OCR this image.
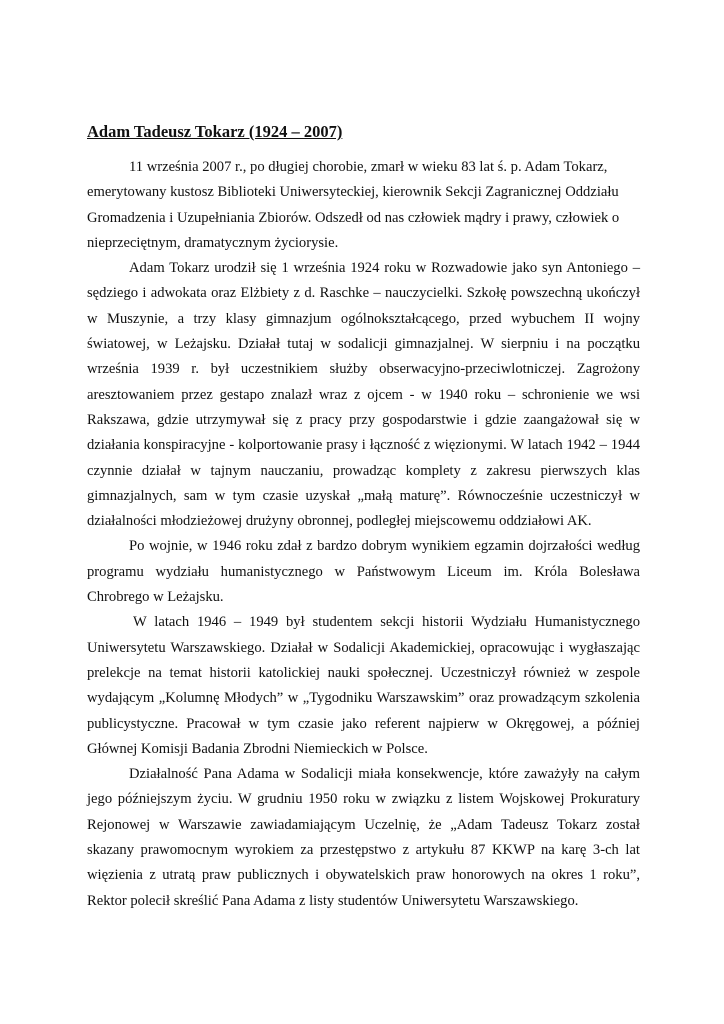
Adam Tadeusz Tokarz (1924 – 2007)

11 września 2007 r., po długiej chorobie, zmarł w wieku 83 lat ś. p. Adam Tokarz, emerytowany kustosz Biblioteki Uniwersyteckiej, kierownik Sekcji Zagranicznej Oddziału Gromadzenia i Uzupełniania Zbiorów. Odszedł od nas człowiek mądry i prawy, człowiek o nieprzeciętnym, dramatycznym życiorysie.

Adam Tokarz urodził się 1 września 1924 roku w Rozwadowie jako syn Antoniego – sędziego i adwokata oraz Elżbiety z d. Raschke – nauczycielki. Szkołę powszechną ukończył w Muszynie, a trzy klasy gimnazjum ogólnokształcącego, przed wybuchem II wojny światowej, w Leżajsku. Działał tutaj w sodalicji gimnazjalnej. W sierpniu i na początku września 1939 r. był uczestnikiem służby obserwacyjno-przeciwlotniczej. Zagrożony aresztowaniem przez gestapo znalazł wraz z ojcem - w 1940 roku – schronienie we wsi Rakszawa, gdzie utrzymywał się z pracy przy gospodarstwie i gdzie zaangażował się w działania konspiracyjne - kolportowanie prasy i łączność z więzionymi. W latach 1942 – 1944 czynnie działał w tajnym nauczaniu, prowadząc komplety z zakresu pierwszych klas gimnazjalnych, sam w tym czasie uzyskał „małą maturę”. Równocześnie uczestniczył w działalności młodzieżowej drużyny obronnej, podległej miejscowemu oddziałowi AK.

Po wojnie, w 1946 roku zdał z bardzo dobrym wynikiem egzamin dojrzałości według programu wydziału humanistycznego w Państwowym Liceum im. Króla Bolesława Chrobrego w Leżajsku.

W latach 1946 – 1949 był studentem sekcji historii Wydziału Humanistycznego Uniwersytetu Warszawskiego. Działał w Sodalicji Akademickiej, opracowując i wygłaszając prelekcje na temat historii katolickiej nauki społecznej. Uczestniczył również w zespole wydającym „Kolumnę Młodych” w „Tygodniku Warszawskim” oraz prowadzącym szkolenia publicystyczne. Pracował w tym czasie jako referent najpierw w Okręgowej, a później Głównej Komisji Badania Zbrodni Niemieckich w Polsce.

Działalność Pana Adama w Sodalicji miała konsekwencje, które zaważyły na całym jego późniejszym życiu. W grudniu 1950 roku w związku z listem Wojskowej Prokuratury Rejonowej w Warszawie zawiadamiającym Uczelnię, że „Adam Tadeusz Tokarz został skazany prawomocnym wyrokiem za przestępstwo z artykułu 87 KKWP na karę 3-ch lat więzienia z utratą praw publicznych i obywatelskich praw honorowych na okres 1 roku”, Rektor polecił skreślić Pana Adama z listy studentów Uniwersytetu Warszawskiego.
